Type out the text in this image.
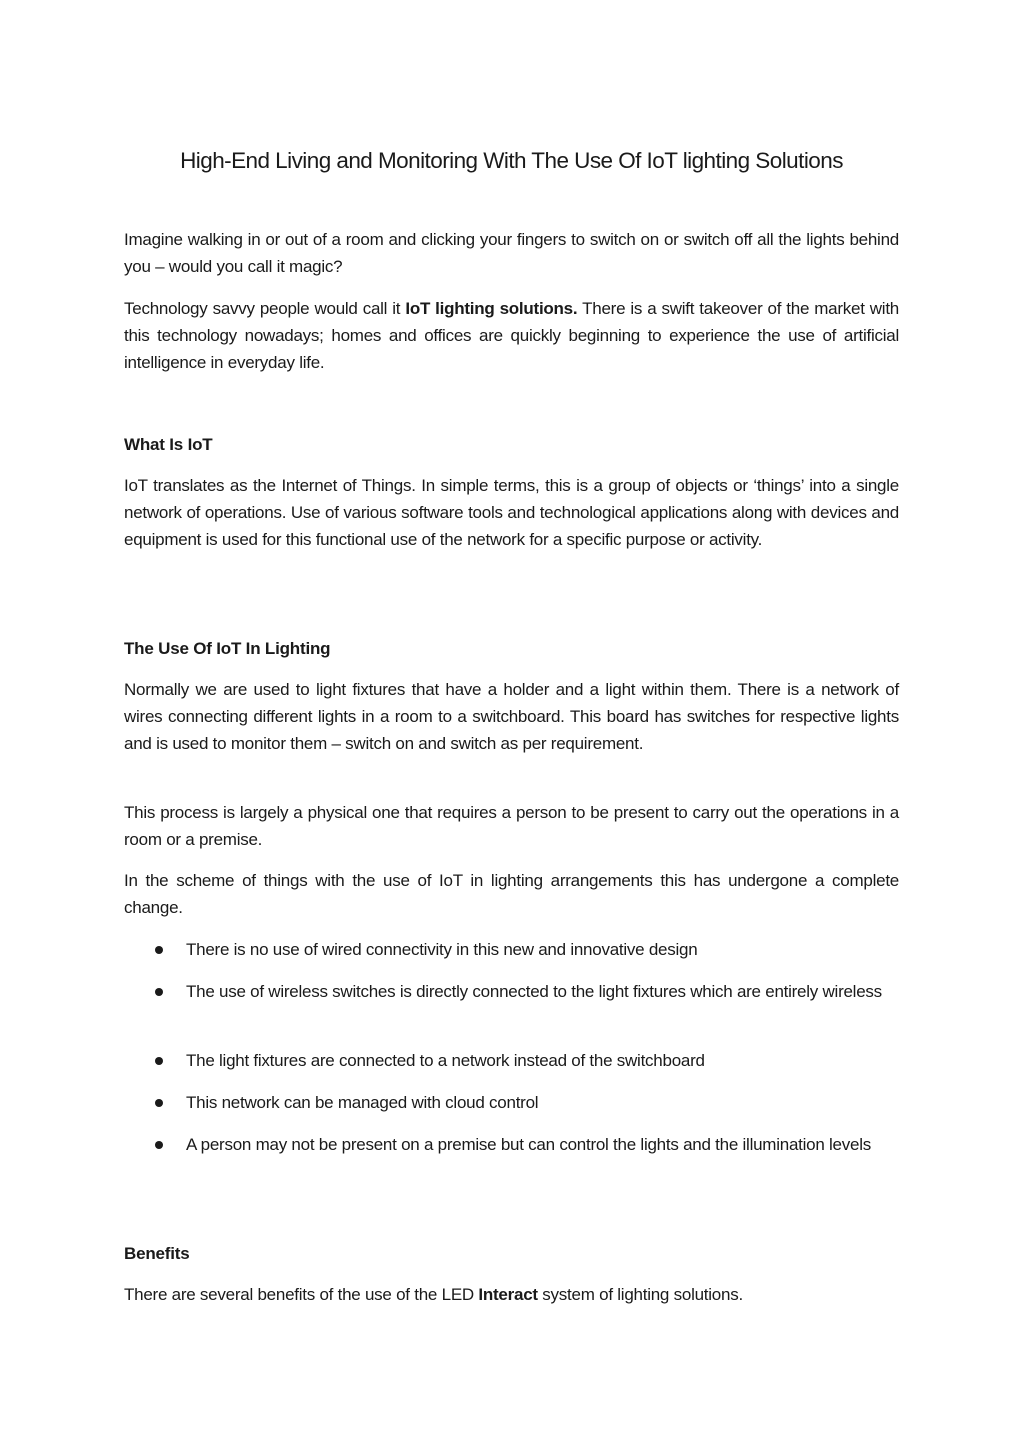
High-End Living and Monitoring With The Use Of IoT lighting Solutions

Imagine walking in or out of a room and clicking your fingers to switch on or switch off all the lights behind you – would you call it magic?

Technology savvy people would call it IoT lighting solutions. There is a swift takeover of the market with this technology nowadays; homes and offices are quickly beginning to experience the use of artificial intelligence in everyday life.

What Is IoT

IoT translates as the Internet of Things. In simple terms, this is a group of objects or ‘things’ into a single network of operations. Use of various software tools and technological applications along with devices and equipment is used for this functional use of the network for a specific purpose or activity.

The Use Of IoT In Lighting

Normally we are used to light fixtures that have a holder and a light within them. There is a network of wires connecting different lights in a room to a switchboard. This board has switches for respective lights and is used to monitor them – switch on and switch as per requirement.

This process is largely a physical one that requires a person to be present to carry out the operations in a room or a premise.

In the scheme of things with the use of IoT in lighting arrangements this has undergone a complete change.

There is no use of wired connectivity in this new and innovative design
The use of wireless switches is directly connected to the light fixtures which are entirely wireless
The light fixtures are connected to a network instead of the switchboard
This network can be managed with cloud control
A person may not be present on a premise but can control the lights and the illumination levels
Benefits

There are several benefits of the use of the LED Interact system of lighting solutions.
